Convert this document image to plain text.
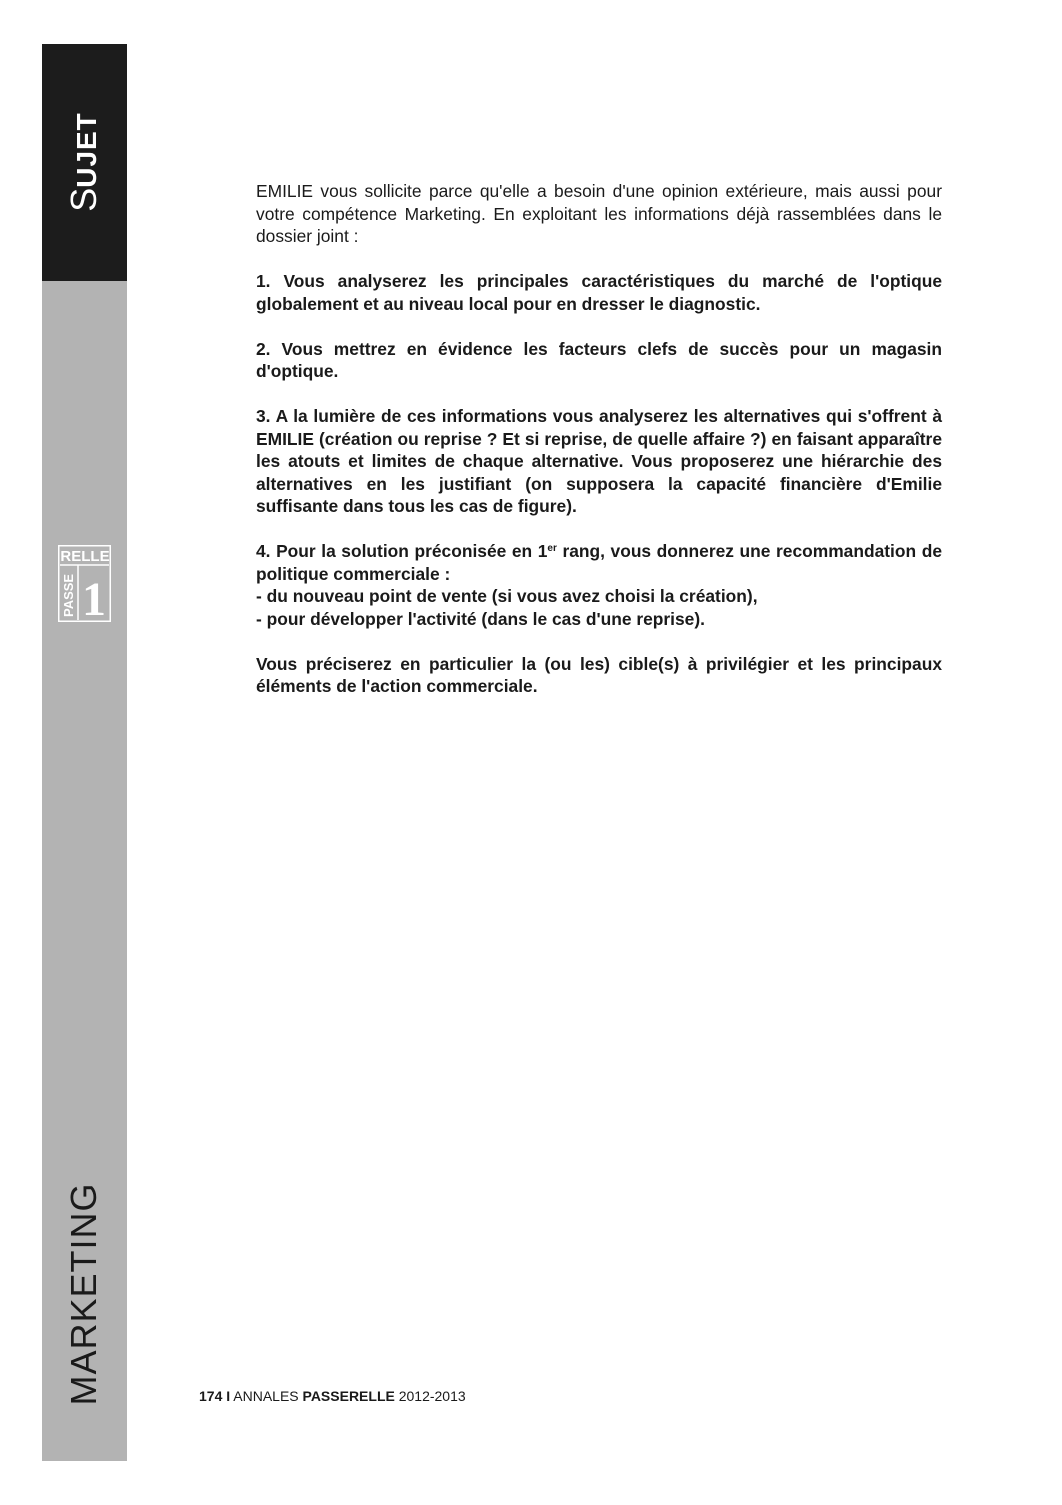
SUJET
RELLE
PASSE 1
MARKETING

EMILIE vous sollicite parce qu'elle a besoin d'une opinion extérieure, mais aussi pour votre compétence Marketing. En exploitant les informations déjà rassemblées dans le dossier joint :

1. Vous analyserez les principales caractéristiques du marché de l'optique globalement et au niveau local pour en dresser le diagnostic.

2. Vous mettrez en évidence les facteurs clefs de succès pour un magasin d'optique.

3. A la lumière de ces informations vous analyserez les alternatives qui s'offrent à EMILIE (création ou reprise ? Et si reprise, de quelle affaire ?) en faisant apparaître les atouts et limites de chaque alternative. Vous proposerez une hiérarchie des alternatives en les justifiant (on supposera la capacité financière d'Emilie suffisante dans tous les cas de figure).

4. Pour la solution préconisée en 1er rang, vous donnerez une recommandation de politique commerciale :
- du nouveau point de vente (si vous avez choisi la création),
- pour développer l'activité (dans le cas d'une reprise).

Vous préciserez en particulier la (ou les) cible(s) à privilégier et les principaux éléments de l'action commerciale.

174 I ANNALES PASSERELLE 2012-2013
